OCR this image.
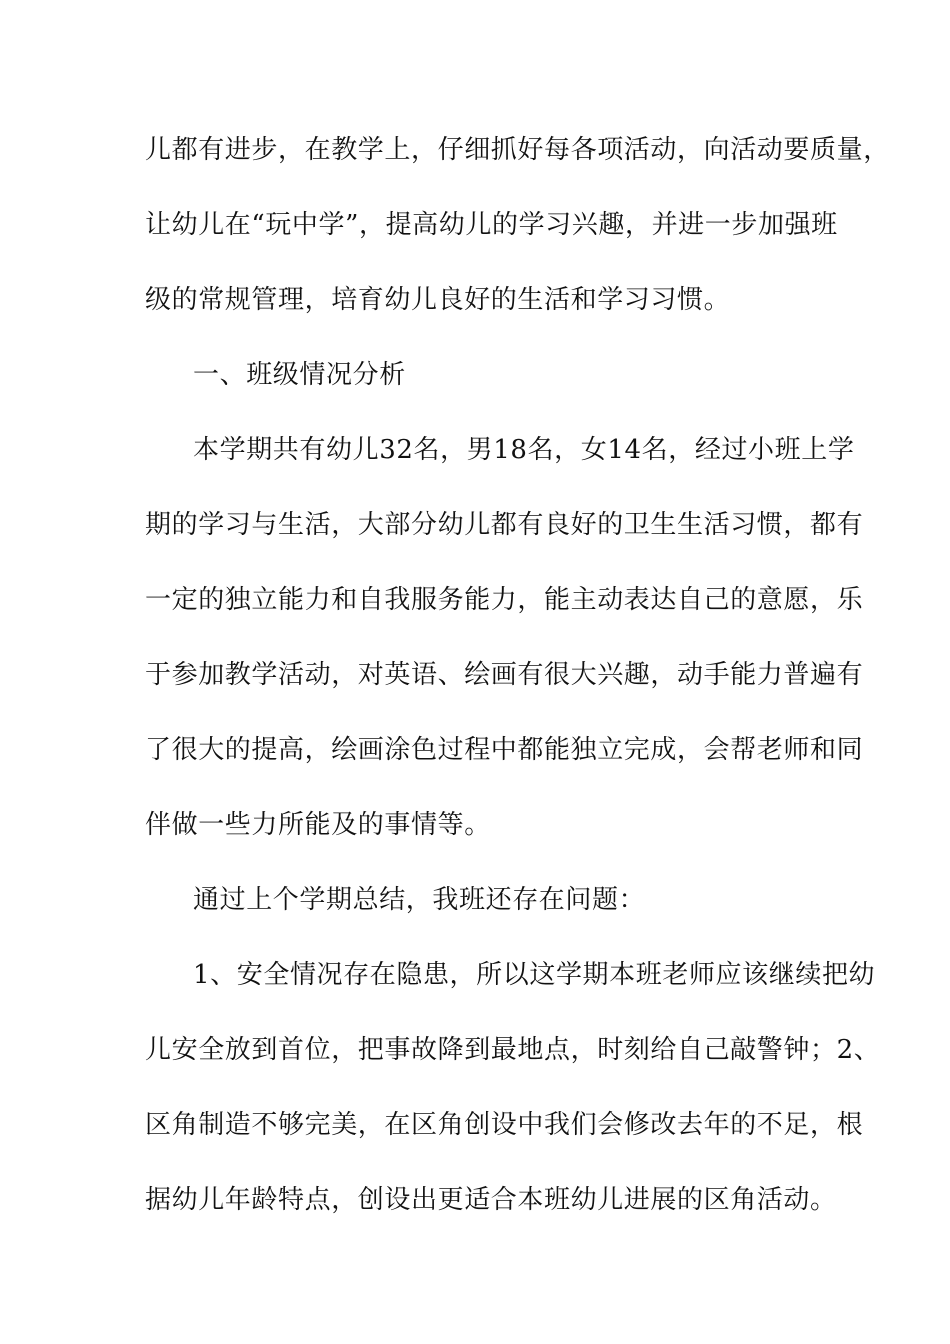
儿都有进步，在教学上，仔细抓好每各项活动，向活动要质量，
让幼儿在“玩中学”，提高幼儿的学习兴趣，并进一步加强班
级的常规管理，培育幼儿良好的生活和学习习惯。
一、班级情况分析
本学期共有幼儿32名，男18名，女14名，经过小班上学
期的学习与生活，大部分幼儿都有良好的卫生生活习惯，都有
一定的独立能力和自我服务能力，能主动表达自己的意愿，乐
于参加教学活动，对英语、绘画有很大兴趣，动手能力普遍有
了很大的提高，绘画涂色过程中都能独立完成，会帮老师和同
伴做一些力所能及的事情等。
通过上个学期总结，我班还存在问题：
1、安全情况存在隐患，所以这学期本班老师应该继续把幼
儿安全放到首位，把事故降到最地点，时刻给自己敲警钟；2、
区角制造不够完美，在区角创设中我们会修改去年的不足，根
据幼儿年龄特点，创设出更适合本班幼儿进展的区角活动。
